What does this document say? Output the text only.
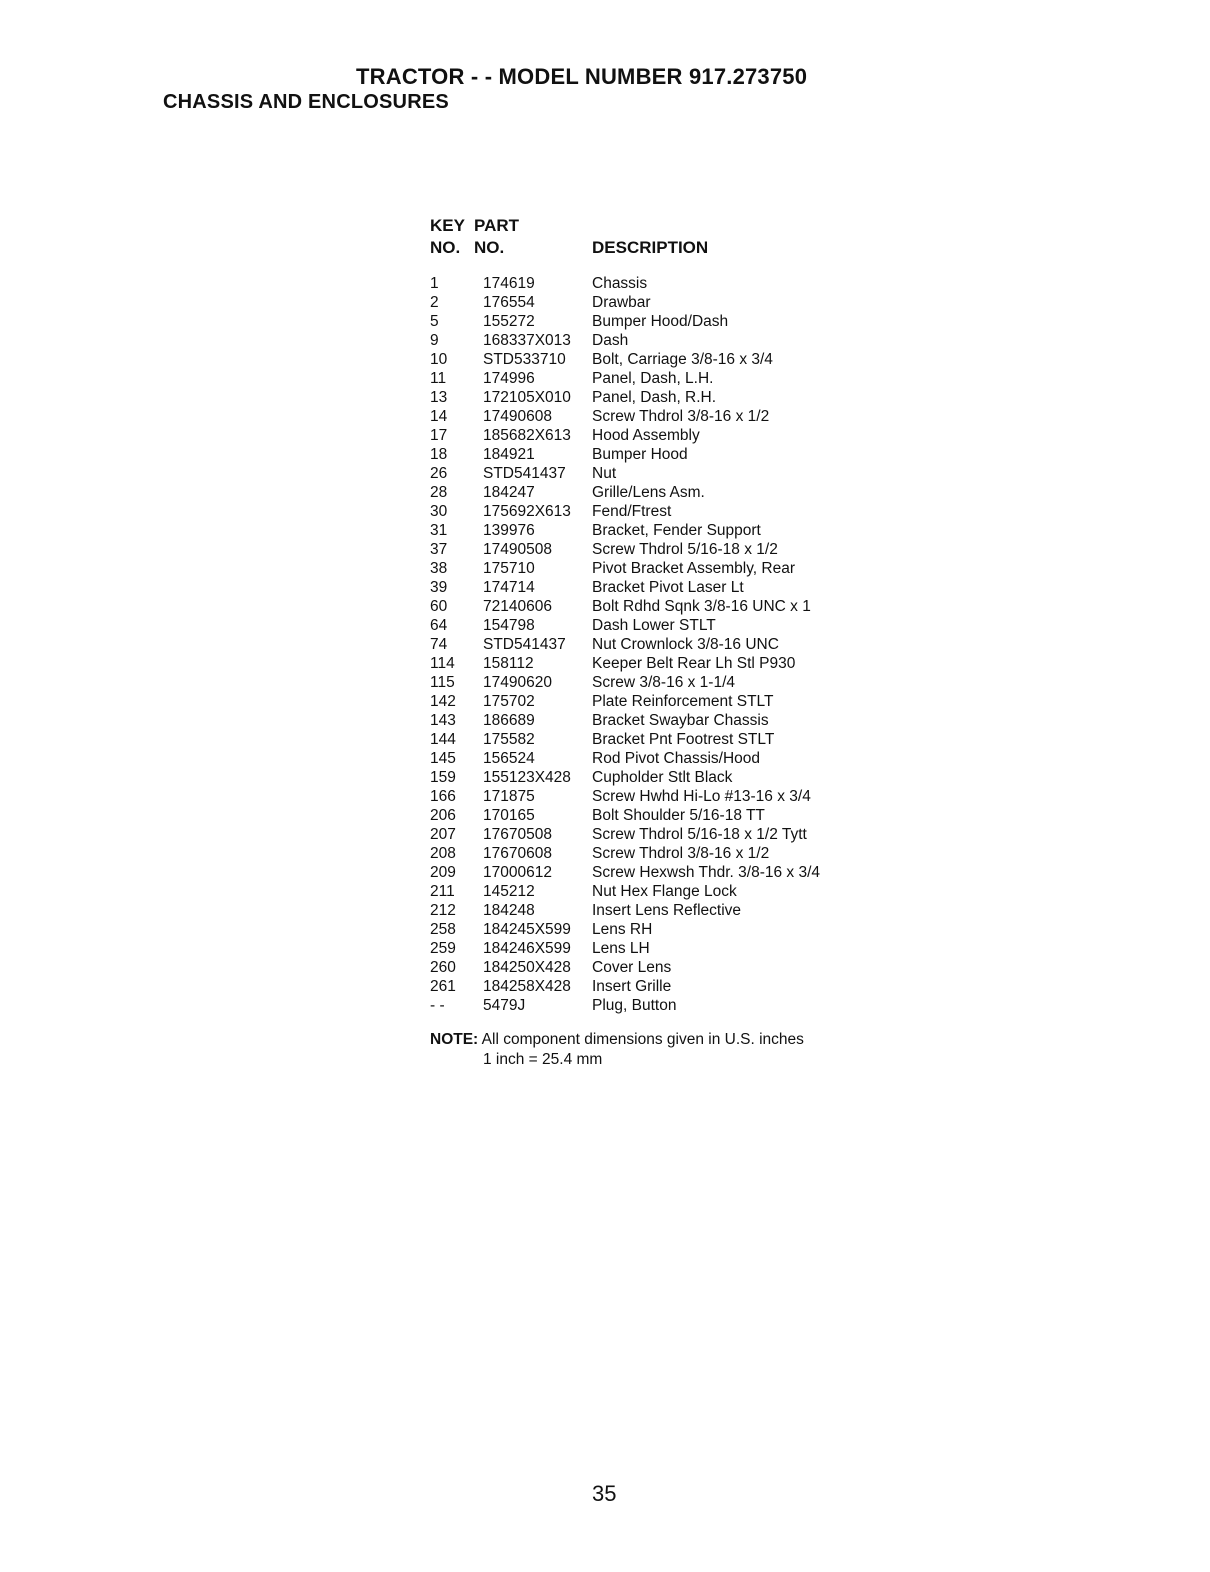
TRACTOR - - MODEL NUMBER 917.273750
CHASSIS AND ENCLOSURES
KEY PART
NO. NO.	DESCRIPTION
1	174619	Chassis
2	176554	Drawbar
5	155272	Bumper Hood/Dash
9	168337X013 Dash
10 STD533710 Bolt, Carriage 3/8-16 x 3/4
11 174996	Panel, Dash, L.H.
13 172105X010 Panel, Dash, R.H.
14 17490608	Screw Thdrol 3/8-16 x 1/2
17 185682X613 Hood Assembly
18 184921	Bumper Hood
26 STD541437 Nut
28 184247	Grille/Lens Asm.
30 175692X613 Fend/Ftrest
31 139976	Bracket, Fender Support
37 17490508	Screw Thdrol 5/16-18 x 1/2
38 175710	Pivot Bracket Assembly, Rear
39 174714	Bracket Pivot Laser Lt
60 72140606	Bolt Rdhd Sqnk 3/8-16 UNC x 1
64 154798	Dash Lower STLT
74 STD541437 Nut Crownlock 3/8-16 UNC
114 158112	Keeper Belt Rear Lh Stl P930
115 17490620	Screw 3/8-16 x 1-1/4
142 175702	Plate Reinforcement STLT
143 186689	Bracket Swaybar Chassis
144 175582	Bracket Pnt Footrest STLT
145 156524	Rod Pivot Chassis/Hood
159 155123X428 Cupholder Stlt Black
166 171875	Screw Hwhd Hi-Lo #13-16 x 3/4
206 170165	Bolt Shoulder 5/16-18 TT
207 17670508	Screw Thdrol 5/16-18 x 1/2 Tytt
208 17670608	Screw Thdrol 3/8-16 x 1/2
209 17000612	Screw Hexwsh Thdr. 3/8-16 x 3/4
211 145212	Nut Hex Flange Lock
212 184248	Insert Lens Reflective
258 184245X599 Lens RH
259 184246X599 Lens LH
260 184250X428 Cover Lens
261 184258X428 Insert Grille
- - 5479J	Plug, Button
NOTE: All component dimensions given in U.S. inches
1 inch = 25.4 mm
35
